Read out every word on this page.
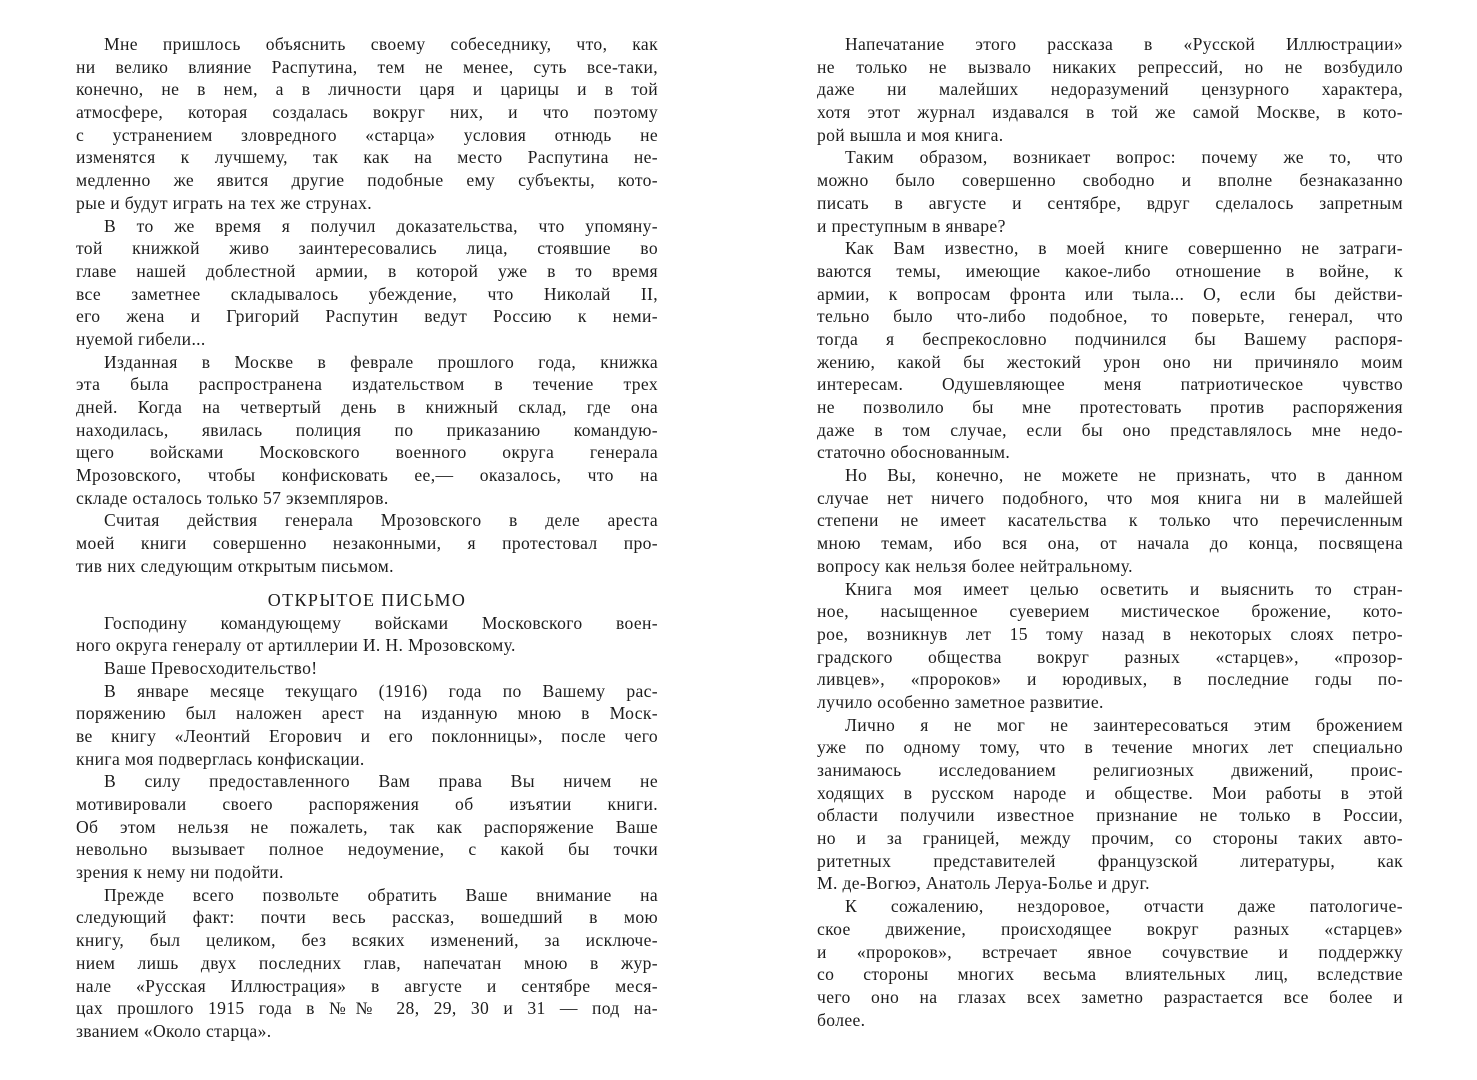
Мне пришлось объяснить своему собеседнику, что, как
ни велико влияние Распутина, тем не менее, суть все-таки,
конечно, не в нем, а в личности царя и царицы и в той
атмосфере, которая создалась вокруг них, и что поэтому
с устранением зловредного «старца» условия отнюдь не
изменятся к лучшему, так как на место Распутина не-
медленно же явится другие подобные ему субъекты, кото-
рые и будут играть на тех же струнах.
В то же время я получил доказательства, что упомяну-
той книжкой живо заинтересовались лица, стоявшие во
главе нашей доблестной армии, в которой уже в то время
все заметнее складывалось убеждение, что Николай II,
его жена и Григорий Распутин ведут Россию к неми-
нуемой гибели...
Изданная в Москве в феврале прошлого года, книжка
эта была распространена издательством в течение трех
дней. Когда на четвертый день в книжный склад, где она
находилась, явилась полиция по приказанию командую-
щего войсками Московского военного округа генерала
Мрозовского, чтобы конфисковать ее,— оказалось, что на
складе осталось только 57 экземпляров.
Считая действия генерала Мрозовского в деле ареста
моей книги совершенно незаконными, я протестовал про-
тив них следующим открытым письмом.
ОТКРЫТОЕ ПИСЬМО
Господину командующему войсками Московского воен-
ного округа генералу от артиллерии И. Н. Мрозовскому.
Ваше Превосходительство!
В январе месяце текущаго (1916) года по Вашему рас-
поряжению был наложен арест на изданную мною в Моск-
ве книгу «Леонтий Егорович и его поклонницы», после чего
книга моя подверглась конфискации.
В силу предоставленного Вам права Вы ничем не
мотивировали своего распоряжения об изъятии книги.
Об этом нельзя не пожалеть, так как распоряжение Ваше
невольно вызывает полное недоумение, с какой бы точки
зрения к нему ни подойти.
Прежде всего позвольте обратить Ваше внимание на
следующий факт: почти весь рассказ, вошедший в мою
книгу, был целиком, без всяких изменений, за исключе-
нием лишь двух последних глав, напечатан мною в жур-
нале «Русская Иллюстрация» в августе и сентябре меся-
цах прошлого 1915 года в №№ 28, 29, 30 и 31 — под на-
званием «Около старца».
Напечатание этого рассказа в «Русской Иллюстрации»
не только не вызвало никаких репрессий, но не возбудило
даже ни малейших недоразумений цензурного характера,
хотя этот журнал издавался в той же самой Москве, в кото-
рой вышла и моя книга.
Таким образом, возникает вопрос: почему же то, что
можно было совершенно свободно и вполне безнаказанно
писать в августе и сентябре, вдруг сделалось запретным
и преступным в январе?
Как Вам известно, в моей книге совершенно не затраги-
ваются темы, имеющие какое-либо отношение в войне, к
армии, к вопросам фронта или тыла... О, если бы действи-
тельно было что-либо подобное, то поверьте, генерал, что
тогда я беспрекословно подчинился бы Вашему распоря-
жению, какой бы жестокий урон оно ни причиняло моим
интересам. Одушевляющее меня патриотическое чувство
не позволило бы мне протестовать против распоряжения
даже в том случае, если бы оно представлялось мне недо-
статочно обоснованным.
Но Вы, конечно, не можете не признать, что в данном
случае нет ничего подобного, что моя книга ни в малейшей
степени не имеет касательства к только что перечисленным
мною темам, ибо вся она, от начала до конца, посвящена
вопросу как нельзя более нейтральному.
Книга моя имеет целью осветить и выяснить то стран-
ное, насыщенное суеверием мистическое брожение, кото-
рое, возникнув лет 15 тому назад в некоторых слоях петро-
градского общества вокруг разных «старцев», «прозор-
ливцев», «пророков» и юродивых, в последние годы по-
лучило особенно заметное развитие.
Лично я не мог не заинтересоваться этим брожением
уже по одному тому, что в течение многих лет специально
занимаюсь исследованием религиозных движений, проис-
ходящих в русском народе и обществе. Мои работы в этой
области получили известное признание не только в России,
но и за границей, между прочим, со стороны таких авто-
ритетных представителей французской литературы, как
М. де-Вогюэ, Анатоль Леруа-Болье и друг.
К сожалению, нездоровое, отчасти даже патологиче-
ское движение, происходящее вокруг разных «старцев»
и «пророков», встречает явное сочувствие и поддержку
со стороны многих весьма влиятельных лиц, вследствие
чего оно на глазах всех заметно разрастается все более и
более.
